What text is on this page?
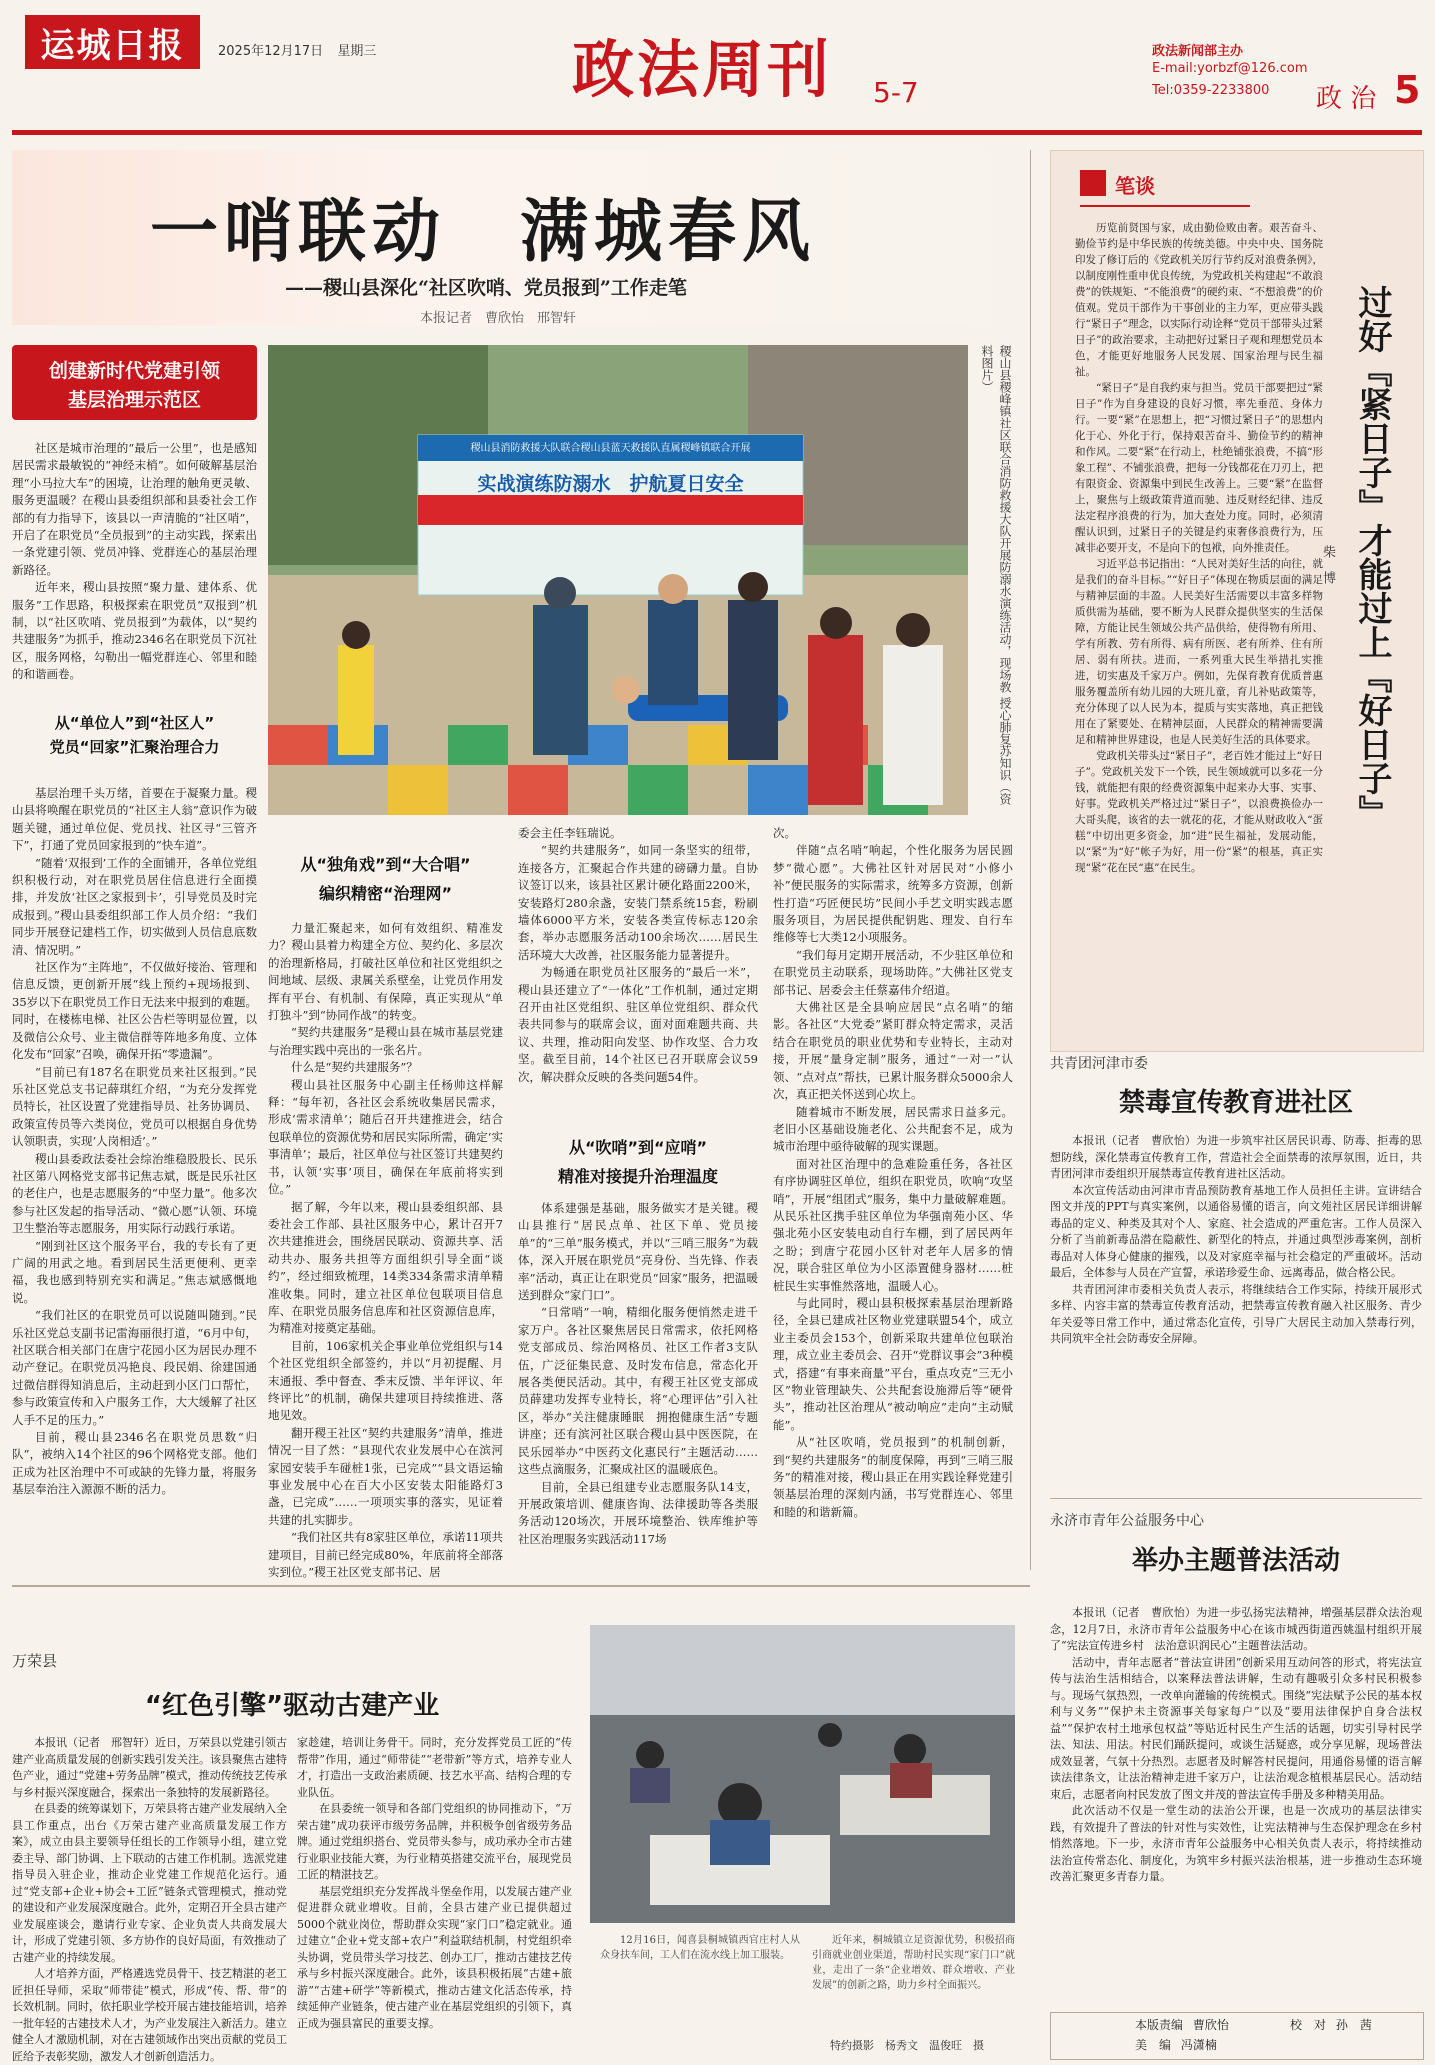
运城日报	2025年12月17日 星期三	政法周刊 5-7
政法新闻部主办
E-mail:yorbzf@126.com
Tel:0359-2233800 政 治 5
一哨联动　满城春风
——稷山县深化“社区吹哨、党员报到”工作走笔
本报记者　曹欣怡　邢智轩
创建新时代党建引领
基层治理示范区

社区是城市治理的“最后一公里”，也是感知居民需求最敏锐的“神经末梢”。如何破解基层治理“小马拉大车”的困境，让治理的触角更灵敏、服务更温暖？在稷山县委组织部和县委社会工作部的有力指导下，该县以一声清脆的“社区哨”，开启了在职党员“全员报到”的主动实践，探索出一条党建引领、党员冲锋、党群连心的基层治理新路径。

近年来，稷山县按照“聚力量、建体系、优服务”工作思路，积极探索在职党员“双报到”机制，以“社区吹哨、党员报到”为载体，以“契约共建服务”为抓手，推动2346名在职党员下沉社区，服务网格，勾勒出一幅党群连心、邻里和睦的和谐画卷。

从“单位人”到“社区人”
党员“回家”汇聚治理合力

基层治理千头万绪，首要在于凝聚力量。稷山县将唤醒在职党员的“社区主人翁”意识作为破题关键，通过单位促、党员找、社区寻“三管齐下”，打通了党员回家报到的“快车道”。

“随着‘双报到’工作的全面铺开，各单位党组织积极行动，对在职党员居住信息进行全面摸排，并发放‘社区之家报到卡’，引导党员及时完成报到。”稷山县委组织部工作人员介绍：“我们同步开展登记建档工作，切实做到人员信息底数清、情况明。”

社区作为“主阵地”，不仅做好接治、管理和信息反馈，更创新开展“线上预约+现场报到、35岁以下在职党员工作日无法来中报到的难题。同时，在楼栋电梯、社区公告栏等明显位置，以及微信公众号、业主微信群等阵地多角度、立体化发布“回家”召唤，确保开拓“零遗漏”。

“目前已有187名在职党员来社区报到。”民乐社区党总支书记薛琪红介绍，“为充分发挥党员特长，社区设置了党建指导员、社务协调员、政策宣传员等六类岗位，党员可以根据自身优势认领职责，实现‘人岗相适’。”

稷山县委政法委社会综治维稳股股长、民乐社区第八网格党支部书记焦志斌，既是民乐社区的老住户，也是志愿服务的“中坚力量”。他多次参与社区发起的指导活动、“微心愿”认领、环境卫生整治等志愿服务，用实际行动践行承诺。

“刚到社区这个服务平台，我的专长有了更广阔的用武之地。看到居民生活更便利、更幸福，我也感到特别充实和满足。”焦志斌感慨地说。

“我们社区的在职党员可以说随叫随到。”民乐社区党总支副书记雷海丽很打道，“6月中旬，社区联合相关部门在唐宁花园小区为居民办理不动产登记。在职党员冯艳良、段民娟、徐建国通过微信群得知消息后，主动赶到小区门口帮忙，参与政策宣传和入户服务工作，大大缓解了社区人手不足的压力。”

目前，稷山县2346名在职党员思数“归队”，被纳入14个社区的96个网格党支部。他们正成为社区治理中不可或缺的先锋力量，将服务基层奉治注入源源不断的活力。

稷山县消防救援大队联合稷山县蓝天救援队直属稷峰镇联合开展
实战演练防溺水　护航夏日安全	稷山县稷峰镇社区联合消防救援大队开展防溺水演练活动，现场教 授心肺复苏知识（资料图片）
从“独角戏”到“大合唱”
编织精密“治理网”

力量汇聚起来，如何有效组织、精准发力？稷山县着力构建全方位、契约化、多层次的治理新格局，打破社区单位和社区党组织之间地域、层级、隶属关系壁垒，让党员作用发挥有平台、有机制、有保障，真正实现从“单打独斗”到“协同作战”的转变。

“契约共建服务”是稷山县在城市基层党建与治理实践中亮出的一张名片。

什么是“契约共建服务”？

稷山县社区服务中心副主任杨帅这样解释：“每年初，各社区会系统收集居民需求，形成‘需求清单’；随后召开共建推进会，结合包联单位的资源优势和居民实际所需，确定‘实事清单’；最后，社区单位与社区签订共建契约书，认领‘实事’项目，确保在年底前将实到位。”

据了解，今年以来，稷山县委组织部、县委社会工作部、县社区服务中心，累计召开7次共建推进会，围绕居民联动、资源共享、活动共办、服务共担等方面组织引导全面“谈约”，经过细致梳理，14类334条需求清单精准收集。同时，建立社区单位包联项目信息库、在职党员服务信息库和社区资源信息库，为精准对接奠定基础。

目前，106家机关企事业单位党组织与14个社区党组织全部签约，并以“月初提醒、月末通报、季中督查、季末反馈、半年评议、年终评比”的机制，确保共建项目持续推进、落地见效。

翻开稷王社区“契约共建服务”清单，推进情况一目了然：“县现代农业发展中心在滨河家园安装手车碰桩1张，已完成”“县文语运输事业发展中心在百大小区安装太阳能路灯3盏，已完成”……一项项实事的落实，见证着共建的扎实脚步。

“我们社区共有8家驻区单位，承诺11项共建项目，目前已经完成80%，年底前将全部落实到位。”稷王社区党支部书记、居

委会主任李钰瑞说。

“契约共建服务”，如同一条坚实的纽带，连接各方，汇聚起合作共建的磅礴力量。自协议签订以来，该县社区累计硬化路面2200米，安装路灯280余盏，安装门禁系统15套，粉刷墙体6000平方米，安装各类宣传标志120余套，举办志愿服务活动100余场次……居民生活环境大大改善，社区服务能力显著提升。

为畅通在职党员社区服务的“最后一米”，稷山县还建立了“一体化”工作机制，通过定期召开由社区党组织、驻区单位党组织、群众代表共同参与的联席会议，面对面难题共商、共议、共理，推动阳向发坚、协作攻坚、合力攻坚。截至目前，14个社区已召开联席会议59次，解决群众反映的各类问题54件。

从“吹哨”到“应哨”
精准对接提升治理温度

体系建强是基础，服务做实才是关键。稷山县推行“居民点单、社区下单、党员接单”的“三单”服务模式，并以“三哨三服务”为载体，深入开展在职党员“亮身份、当先锋、作表率”活动，真正让在职党员“回家”服务，把温暖送到群众“家门口”。

“日常哨”一响，精细化服务便悄然走进千家万户。各社区聚焦居民日常需求，依托网格党支部成员、综治网格员、社区工作者3支队伍，广泛征集民意、及时发布信息，常态化开展各类便民活动。其中，有稷王社区党支部成员薛建功发挥专业特长，将“心理评估”引入社区，举办“关注健康睡眠　拥抱健康生活”专题讲座；还有滨河社区联合稷山县中医医院，在民乐园举办“中医药文化惠民行”主题活动……这些点滴服务，汇聚成社区的温暖底色。

目前，全县已组建专业志愿服务队14支，开展政策培训、健康咨询、法律援助等各类服务活动120场次，开展环境整治、铁库维护等社区治理服务实践活动117场

次。

伴随“点名哨”响起，个性化服务为居民圆梦“微心愿”。大佛社区针对居民对“小修小补”便民服务的实际需求，统筹多方资源，创新性打造“巧匠便民坊”民间小手艺文明实践志愿服务项目，为居民提供配钥匙、理发、自行车维修等七大类12小项服务。

“我们每月定期开展活动，不少驻区单位和在职党员主动联系，现场助阵。”大佛社区党支部书记、居委会主任蔡嘉伟介绍道。

大佛社区是全县响应居民“点名哨”的缩影。各社区“大党委”紧盯群众特定需求，灵活结合在职党员的职业优势和专业特长，主动对接，开展“量身定制”服务，通过“一对一”认领、“点对点”帮扶，已累计服务群众5000余人次，真正把关怀送到心坎上。

随着城市不断发展，居民需求日益多元。老旧小区基础设施老化、公共配套不足，成为城市治理中亟待破解的现实课题。

面对社区治理中的急难险重任务，各社区有序协调驻区单位，组织在职党员，吹响“攻坚哨”，开展“组团式”服务，集中力量破解难题。从民乐社区携手驻区单位为华强南苑小区、华强北苑小区安装电动自行车棚，到了居民两年之盼；到唐宁花园小区针对老年人居多的情况，联合驻区单位为小区添置健身器材……桩桩民生实事惟然落地，温暖人心。

与此同时，稷山县积极探索基层治理新路径，全县已建成社区物业党建联盟54个，成立业主委员会153个，创新采取共建单位包联治理，成立业主委员会、召开“党群议事会”3种模式，搭建“有事来商量”平台，重点攻克“三无小区”物业管理缺失、公共配套设施滞后等“硬骨头”，推动社区治理从“被动响应”走向“主动赋能”。

从“社区吹哨，党员报到”的机制创新，到“契约共建服务”的制度保障，再到“三哨三服务”的精准对接，稷山县正在用实践诠释党建引领基层治理的深刻内涵，书写党群连心、邻里和睦的和谐新篇。

笔谈

历览前贤国与家，成由勤俭败由奢。艰苦奋斗、勤俭节约是中华民族的传统美德。中央中央、国务院印发了修订后的《党政机关厉行节约反对浪费条例》，以制度刚性重申优良传统，为党政机关构建起“不敢浪费”的铁规矩、“不能浪费”的硬约束、“不想浪费”的价值观。党员干部作为干事创业的主力军，更应带头践行“紧日子”理念，以实际行动诠释“党员干部带头过紧日子”的政治要求，主动把好过紧日子观和理想党员本色，才能更好地服务人民发展、国家治理与民生福祉。

“紧日子”是自我约束与担当。党员干部要把过“紧日子”作为自身建设的良好习惯，率先垂范、身体力行。一要“紧”在思想上，把“习惯过紧日子”的思想内化于心、外化于行，保持艰苦奋斗、勤俭节约的精神和作风。二要“紧”在行动上，杜绝铺张浪费，不搞“形象工程”、不铺张浪费，把每一分钱都花在刀刃上，把有限资金、资源集中到民生改善上。三要“紧”在监督上，聚焦与上级政策背道而驰、违反财经纪律、违反法定程序浪费的行为，加大查处力度。同时，必须清醒认识到，过紧日子的关键是约束奢侈浪费行为，压减非必要开支，不是向下的包袱，向外推责任。

习近平总书记指出：“人民对美好生活的向往，就是我们的奋斗目标。”“好日子”体现在物质层面的满足与精神层面的丰盈。人民美好生活需要以丰富多样物质供需为基础，要不断为人民群众提供坚实的生活保障，方能让民生领域公共产品供给，使得物有所用、学有所教、劳有所得、病有所医、老有所养、住有所居、弱有所扶。进而，一系列重大民生举措扎实推进，切实惠及千家万户。例如，先保育教育优质普惠服务覆盖所有幼儿园的大班儿童，育儿补贴政策等，充分体现了以人民为本，提质与实实落地，真正把钱用在了紧要处、在精神层面，人民群众的精神需要满足和精神世界建设，也是人民美好生活的具体要求。

党政机关带头过“紧日子”，老百姓才能过上“好日子”。党政机关发下一个铁，民生领域就可以多花一分钱，就能把有限的经费资源集中起来办大事、实事、好事。党政机关严格过过“紧日子”，以浪费换俭办一大哥头爬，该省的去一就花的花，才能从财政收入“蛋糕”中切出更多资金，加“进”民生福祉，发展动能，以“紧”为“好”帐子为好，用一份“紧”的根基，真正实现“紧”花在民“惠”在民生。

过好『紧日子』才能过上『好日子』
柴　博
共青团河津市委
禁毒宣传教育进社区

本报讯（记者　曹欣怡）为进一步筑牢社区居民识毒、防毒、拒毒的思想防线，深化禁毒宣传教育工作，营造社会全面禁毒的浓厚氛围，近日，共青团河津市委组织开展禁毒宣传教育进社区活动。

本次宣传活动由河津市青品预防教育基地工作人员担任主讲。宣讲结合图文并茂的PPT与真实案例，以通俗易懂的语言，向文苑社区居民详细讲解毒品的定义、种类及其对个人、家庭、社会造成的严重危害。工作人员深入分析了当前新毒品潜在隐蔽性、新型化的特点，并通过典型涉毒案例，剖析毒品对人体身心健康的摧残，以及对家庭幸福与社会稳定的严重破坏。活动最后，全体参与人员在产宣誓，承诺珍爱生命、远离毒品，做合格公民。

共青团河津市委相关负责人表示，将继续结合工作实际，持续开展形式多样、内容丰富的禁毒宣传教育活动，把禁毒宣传教育融入社区服务、青少年关爱等日常工作中，通过常态化宣传，引导广大居民主动加入禁毒行列，共同筑牢全社会防毒安全屏障。

永济市青年公益服务中心
举办主题普法活动

本报讯（记者　曹欣怡）为进一步弘扬宪法精神，增强基层群众法治观念，12月7日，永济市青年公益服务中心在该市城西街道西姚温村组织开展了“宪法宣传进乡村　法治意识润民心”主题普法活动。

活动中，青年志愿者“普法宣讲团”创新采用互动问答的形式，将宪法宣传与法治生活相结合，以案释法普法讲解，生动有趣吸引众多村民积极参与。现场气氛热烈，一改单向灌输的传统模式。围绕“宪法赋予公民的基本权利与义务”“保护未主资源事关每家每户”以及“要用法律保护自身合法权益”“保护农村土地承包权益”等贴近村民生产生活的话题，切实引导村民学法、知法、用法。村民们踊跃提问，或谈生活疑惑，或分享见解，现场普法成效显著，气氛十分热烈。志愿者及时解答村民提问，用通俗易懂的语言解读法律条文，让法治精神走进千家万户，让法治观念植根基层民心。活动结束后，志愿者向村民发放了图文并茂的普法宣传手册及多种精美用品。

此次活动不仅是一堂生动的法治公开课，也是一次成功的基层法律实践，有效提升了普法的针对性与实效性，让宪法精神与生态保护理念在乡村悄然落地。下一步，永济市青年公益服务中心相关负责人表示，将持续推动法治宣传常态化、制度化，为筑牢乡村振兴法治根基，进一步推动生态环境改善汇聚更多青春力量。

万荣县
“红色引擎”驱动古建产业

本报讯（记者　邢智轩）近日，万荣县以党建引领古建产业高质量发展的创新实践引发关注。该县聚焦古建特色产业，通过“党建+劳务品牌”模式，推动传统技艺传承与乡村振兴深度融合，探索出一条独特的发展新路径。

在县委的统筹谋划下，万荣县将古建产业发展纳入全县工作重点，出台《万荣古建产业高质量发展工作方案》，成立由县主要领导任组长的工作领导小组，建立党委主导、部门协调、上下联动的古建工作机制。选派党建指导员入驻企业，推动企业党建工作规范化运行。通过“党支部+企业+协会+工匠”链条式管理模式，推动党的建设和产业发展深度融合。此外，定期召开全县古建产业发展座谈会，邀请行业专家、企业负责人共商发展大计，形成了党建引领、多方协作的良好局面，有效推动了古建产业的持续发展。

人才培养方面，严格遴选党员骨干、技艺精湛的老工匠担任导师，采取“师带徒”模式，形成“传、帮、带”的长效机制。同时，依托职业学校开展古建技能培训，培养一批年轻的古建技术人才，为产业发展注入新活力。建立健全人才激励机制，对在古建领域作出突出贡献的党员工匠给予表彰奖励，激发人才创新创造活力。

家趁建，培训让务骨干。同时，充分发挥党员工匠的“传帮带”作用，通过“师带徒”“老带新”等方式，培养专业人才，打造出一支政治素质硬、技艺水平高、结构合理的专业队伍。

在县委统一领导和各部门党组织的协同推动下，“万荣古建”成功获评市级劳务品牌，并积极争创省级劳务品牌。通过党组织搭台、党员带头参与，成功承办全市古建行业职业技能大赛，为行业精英搭建交流平台，展现党员工匠的精湛技艺。

基层党组织充分发挥战斗堡垒作用，以发展古建产业促进群众就业增收。目前，全县古建产业已提供超过5000个就业岗位，帮助群众实现“家门口”稳定就业。通过建立“企业+党支部+农户”利益联结机制，村党组织牵头协调，党员带头学习技艺、创办工厂，推动古建技艺传承与乡村振兴深度融合。此外，该县积极拓展“古建+旅游”“古建+研学”等新模式，推动古建文化活态传承，持续延伸产业链条，使古建产业在基层党组织的引领下，真正成为强县富民的重要支撑。

12月16日，闻喜县桐城镇西官庄村人从众身扶车间，工人们在流水线上加工服装。

近年来，桐城镇立足资源优势，积极招商引商就业创业渠道，帮助村民实现“家门口”就业，走出了一条“企业增效、群众增收、产业发展”的创新之路，助力乡村全面振兴。

特约摄影　杨秀文　温俊旺　摄
本版责编 曹欣怡
美　编 冯潇楠
校　对 孙　茜
